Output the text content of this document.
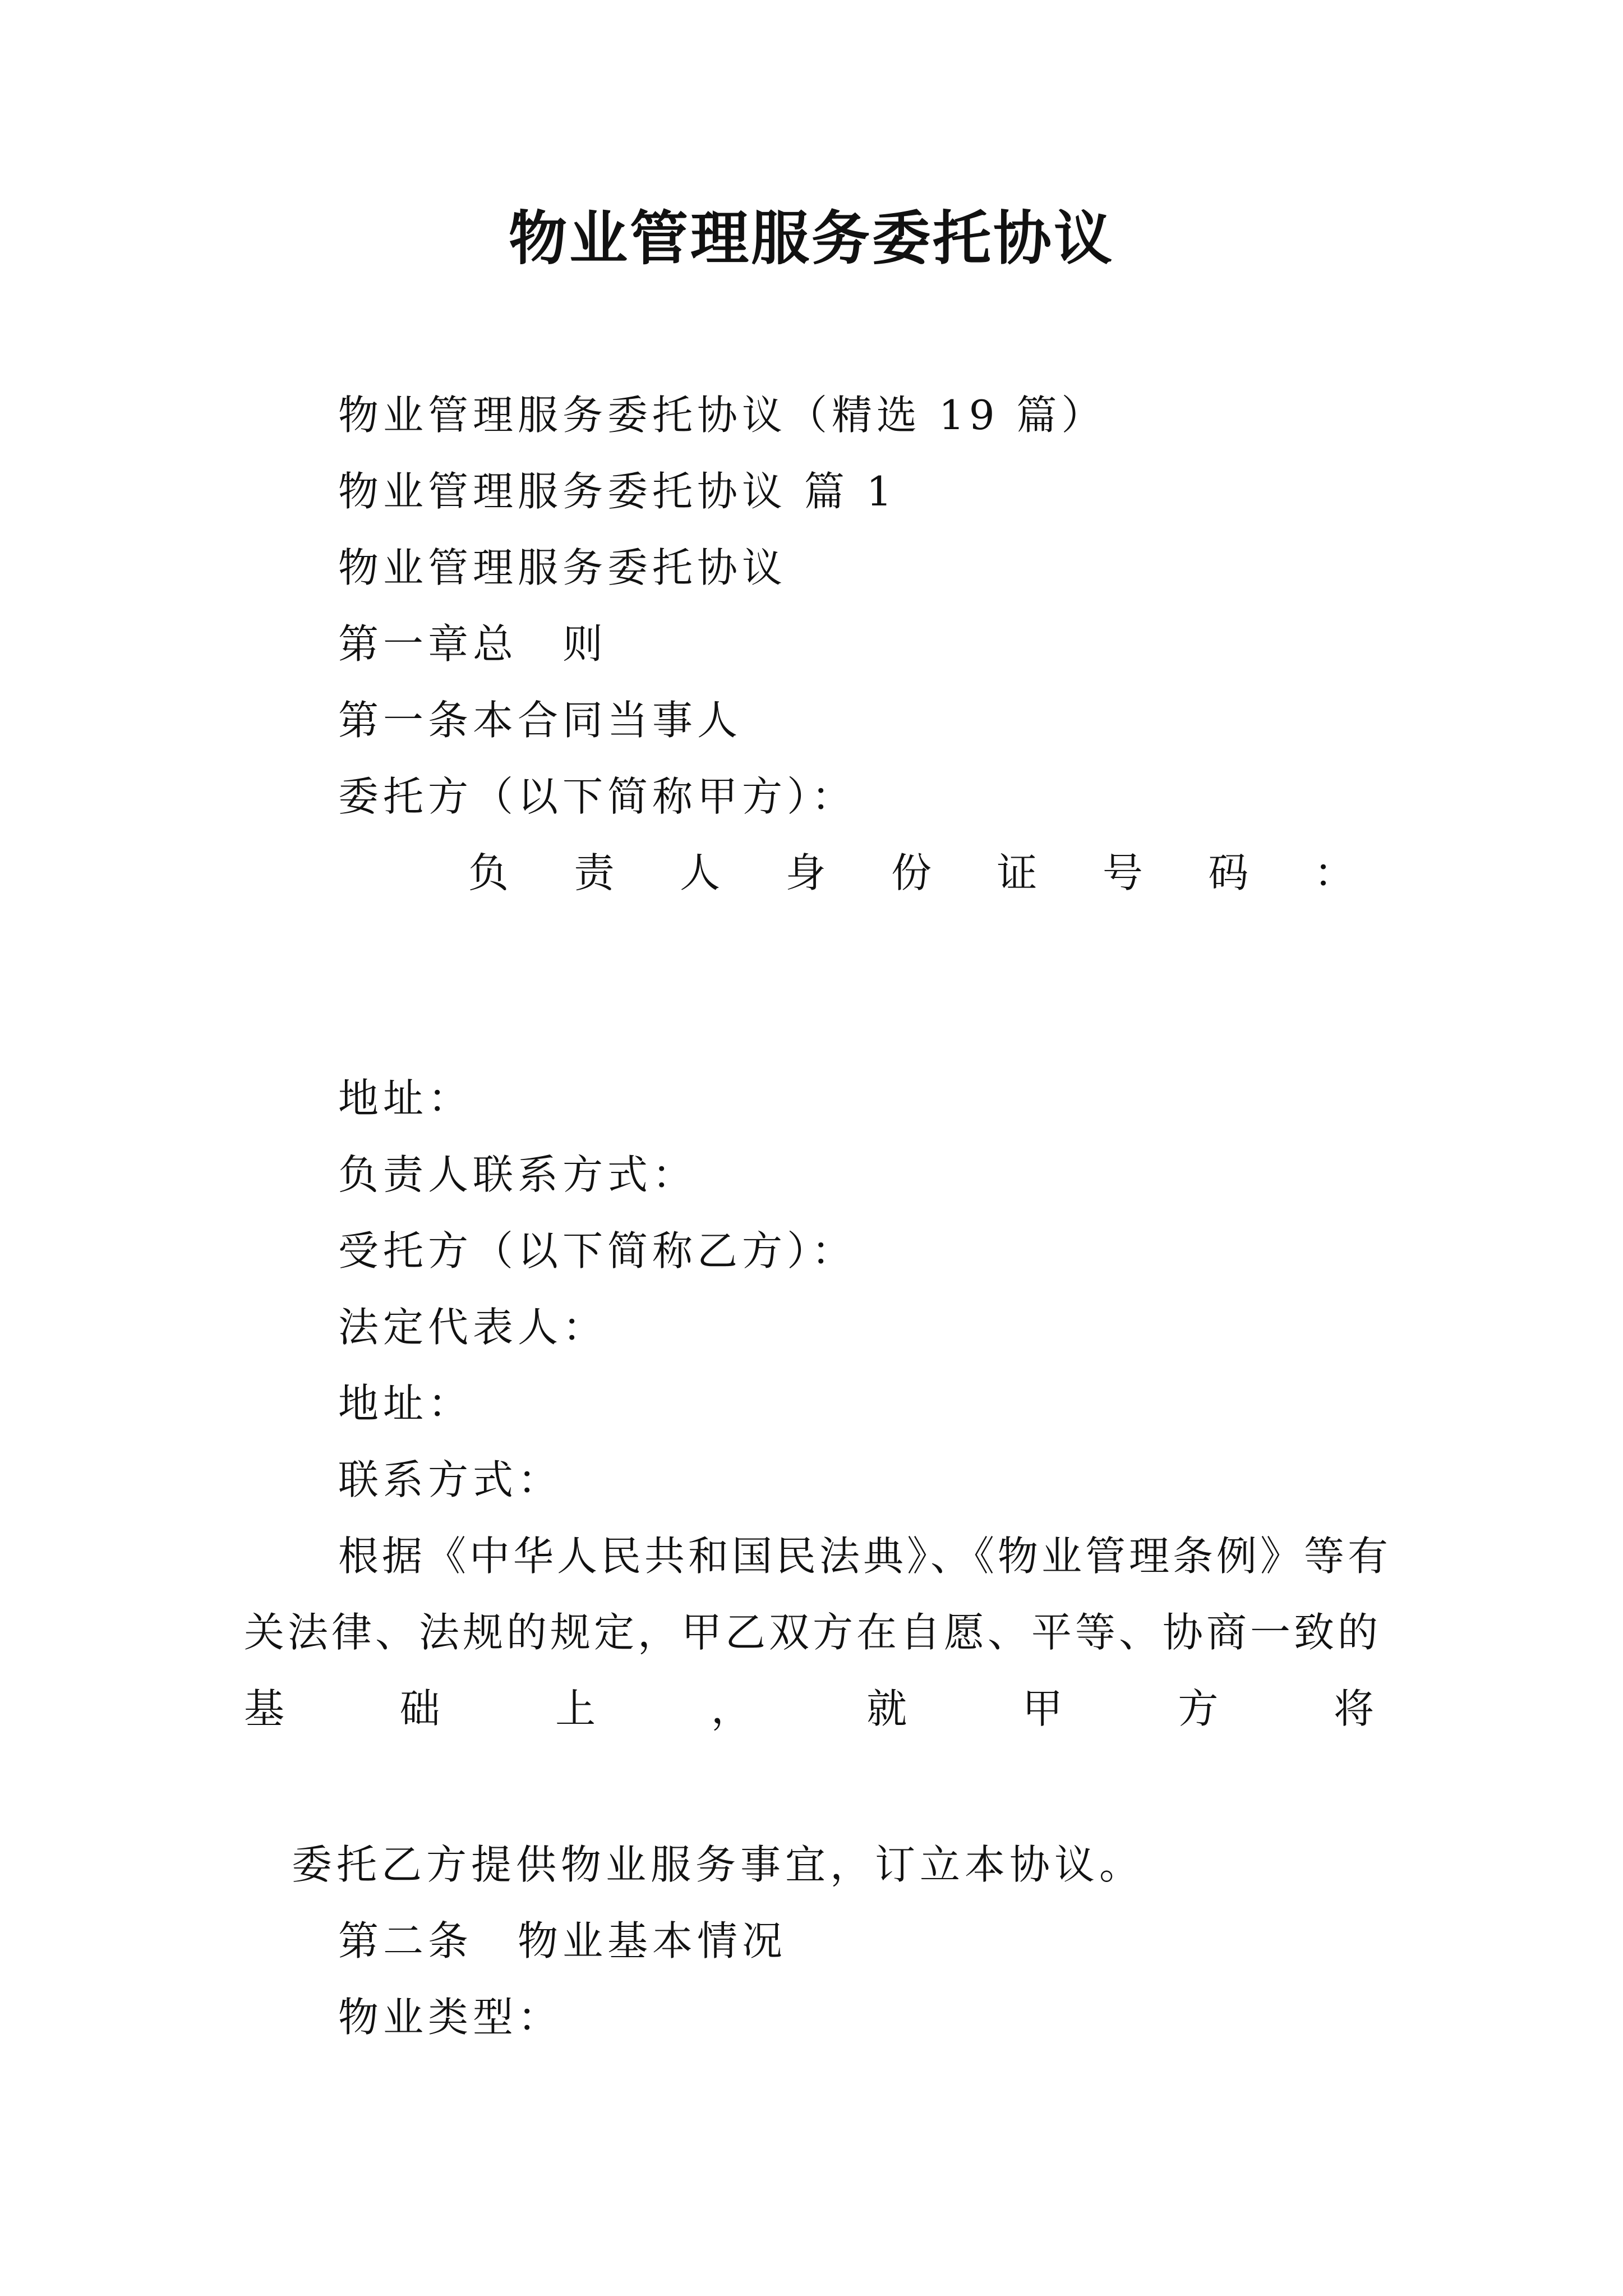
物业管理服务委托协议
物业管理服务委托协议（精选 19 篇）
物业管理服务委托协议 篇 1
物业管理服务委托协议
第一章总　则
第一条本合同当事人
委托方（以下简称甲方）：
负 责 人 身 份 证 号 码 ：
地址：
负责人联系方式：
受托方（以下简称乙方）：
法定代表人：
地址：
联系方式：
根据《中华人民共和国民法典》、《物业管理条例》等有
关法律、法规的规定，甲乙双方在自愿、平等、协商一致的
基	础	上	，	就	甲	方	将
委托乙方提供物业服务事宜，订立本协议。
第二条　物业基本情况
物业类型：
